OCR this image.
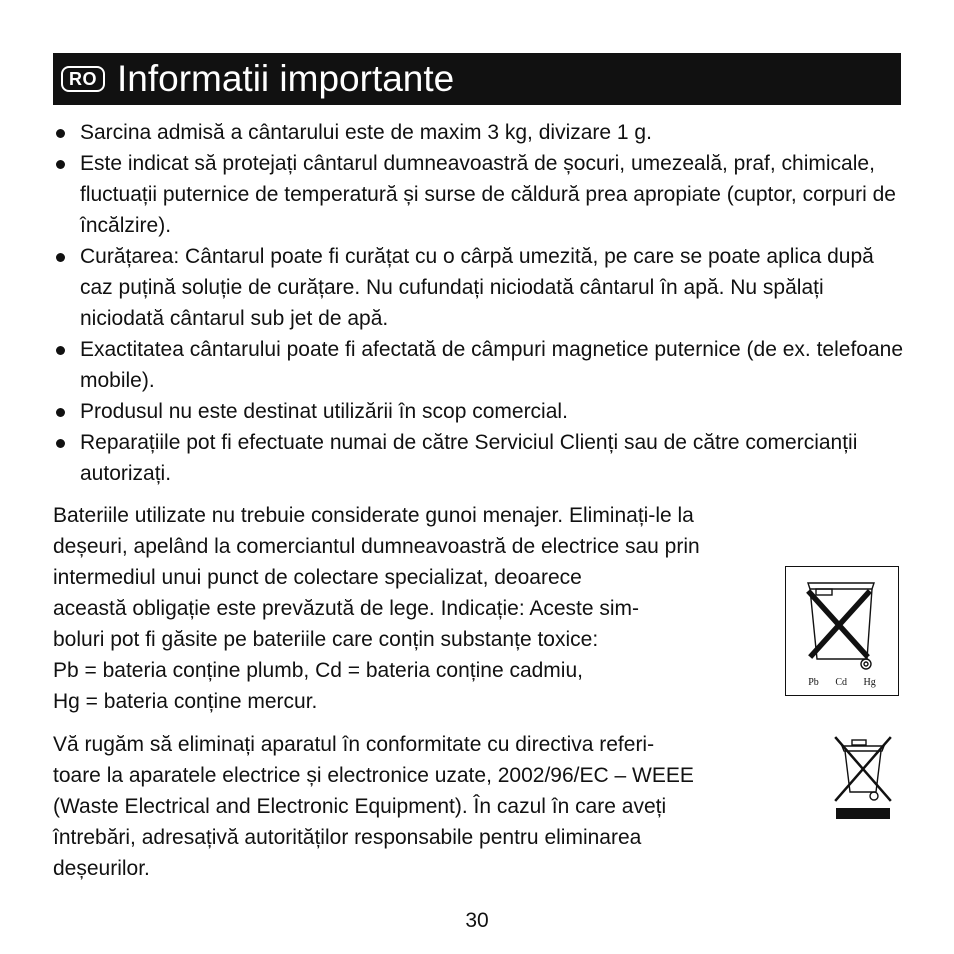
RO Informatii importante
Sarcina admisă a cântarului este de maxim 3 kg, divizare 1 g.
Este indicat să protejați cântarul dumneavoastră de șocuri, umezeală, praf, chimicale, fluctuații puternice de temperatură și surse de căldură prea apropiate (cuptor, corpuri de încălzire).
Curățarea: Cântarul poate fi curățat cu o cârpă umezită, pe care se poate aplica după caz puțină soluție de curățare. Nu cufundați niciodată cântarul în apă. Nu spălați niciodată cântarul sub jet de apă.
Exactitatea cântarului poate fi afectată de câmpuri magnetice puternice (de ex. telefoane mobile).
Produsul nu este destinat utilizării în scop comercial.
Reparațiile pot fi efectuate numai de către Serviciul Clienți sau de către comercianții autorizați.

Bateriile utilizate nu trebuie considerate gunoi menajer. Eliminați-le la
deșeuri, apelând la comerciantul dumneavoastră de electrice sau prin
intermediul unui punct de colectare specializat, deoarece
această obligație este prevăzută de lege. Indicație: Aceste sim-
boluri pot fi găsite pe bateriile care conțin substanțe toxice:
Pb = bateria conține plumb, Cd = bateria conține cadmiu,
Hg = bateria conține mercur.

Pb Cd Hg

Vă rugăm să eliminați aparatul în conformitate cu directiva referi-
toare la aparatele electrice și electronice uzate, 2002/96/EC – WEEE
(Waste Electrical and Electronic Equipment). În cazul în care aveți
întrebări, adresațivă autorităților responsabile pentru eliminarea
deșeurilor.

30
